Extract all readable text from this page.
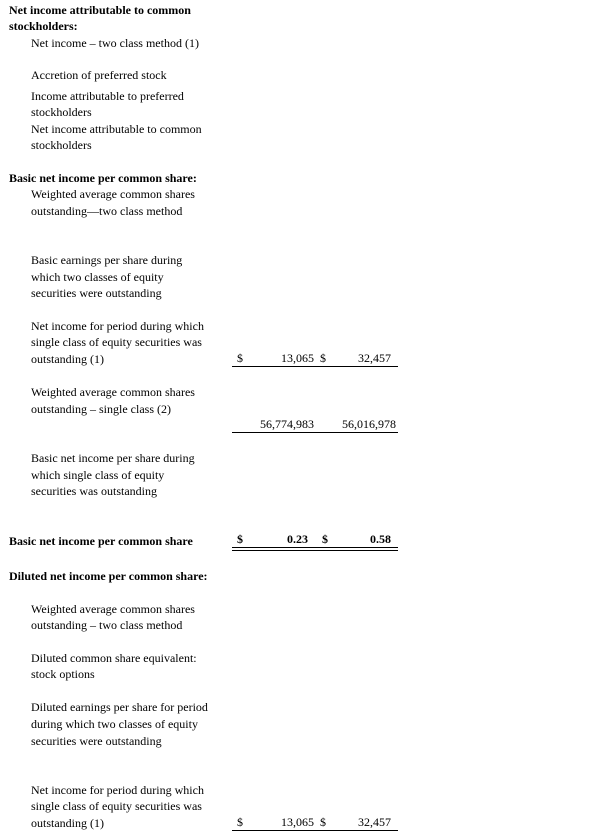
Net income attributable to common
stockholders:
Net income – two class method (1)
Accretion of preferred stock
Income attributable to preferred
stockholders
Net income attributable to common
stockholders
Basic net income per common share:
Weighted average common shares
outstanding—two class method
Basic earnings per share during
which two classes of equity
securities were outstanding
Net income for period during which
single class of equity securities was
outstanding (1)	$	13,065 $	32,457
Weighted average common shares
outstanding – single class (2)
56,774,983	56,016,978
Basic net income per share during
which single class of equity
securities was outstanding
Basic net income per common share	$	0.23 $	0.58
Diluted net income per common share:
Weighted average common shares
outstanding – two class method
Diluted common share equivalent:
stock options
Diluted earnings per share for period
during which two classes of equity
securities were outstanding
Net income for period during which
single class of equity securities was
outstanding (1)	$	13,065 $	32,457
